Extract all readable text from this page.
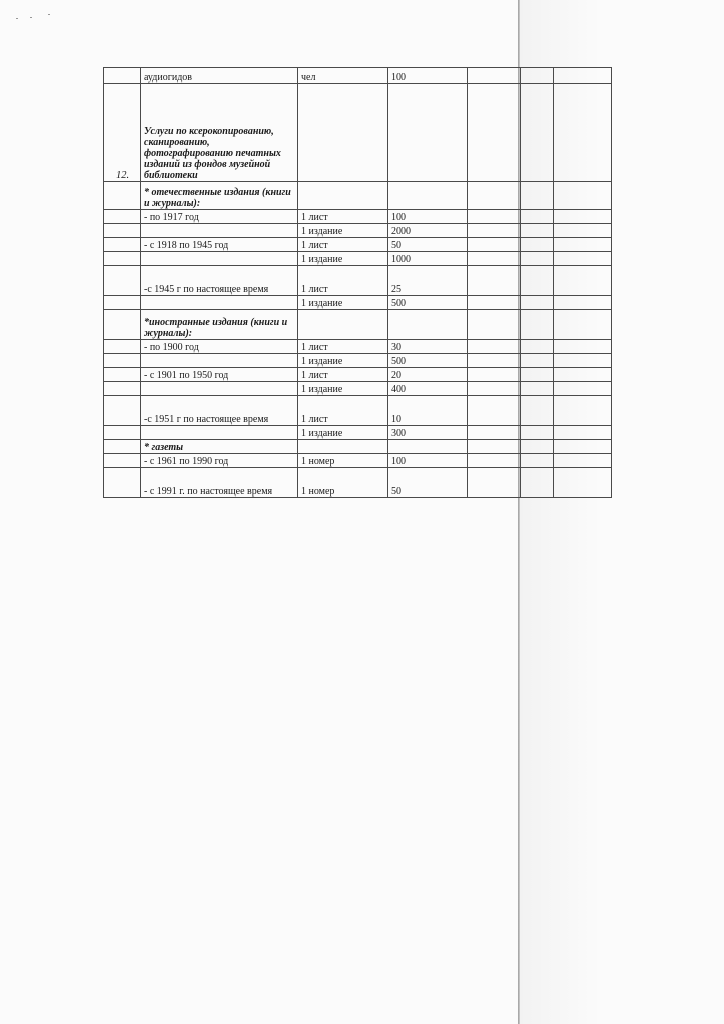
	аудиогидов	чел	100			
12.	Услуги по ксерокопированию, сканированию, фотографированию печатных изданий из фондов музейной библиотеки					
	* отечественные издания (книги и журналы):					
	- по 1917 год	1 лист	100			
		1 издание	2000			
	- с 1918 по 1945 год	1 лист	50			
		1 издание	1000			
	-с 1945 г по настоящее время	1 лист	25			
		1 издание	500			
	*иностранные издания (книги и журналы):					
	- по 1900 год	1 лист	30			
		1 издание	500			
	- с 1901 по 1950 год	1 лист	20			
		1 издание	400			
	-с 1951 г по настоящее время	1 лист	10			
		1 издание	300			
	* газеты					
	- с 1961 по 1990 год	1 номер	100			
	- с 1991 г. по настоящее время	1 номер	50			
